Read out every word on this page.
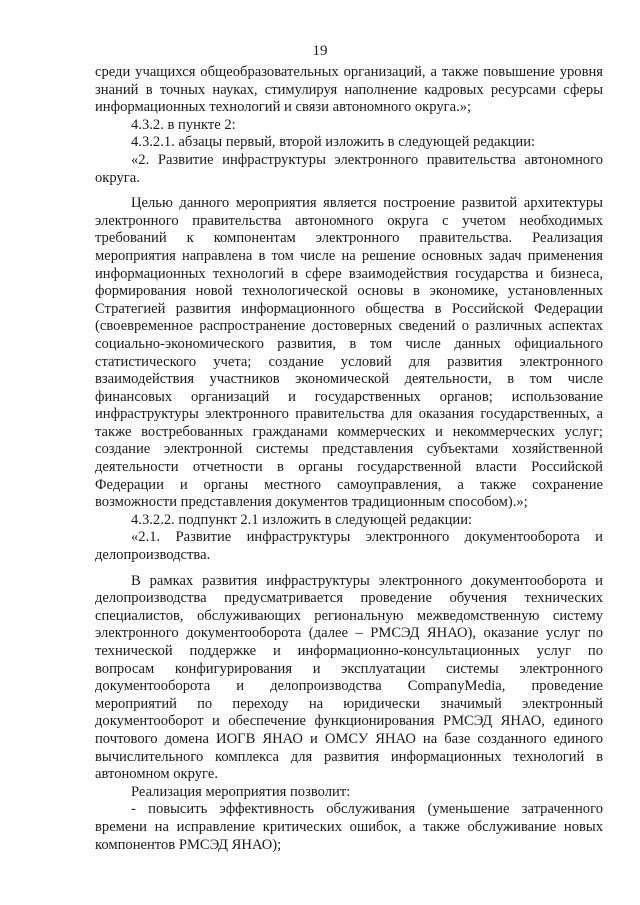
19
среди учащихся общеобразовательных организаций, а также повышение уровня
знаний в точных науках, стимулируя наполнение кадровых ресурсами сферы
информационных технологий и связи автономного округа.»;
4.3.2. в пункте 2:
4.3.2.1. абзацы первый, второй изложить в следующей редакции:
«2. Развитие инфраструктуры электронного правительства автономного
округа.
Целью данного мероприятия является построение развитой архитектуры
электронного правительства автономного округа с учетом необходимых
требований к компонентам электронного правительства. Реализация
мероприятия направлена в том числе на решение основных задач применения
информационных технологий в сфере взаимодействия государства и бизнеса,
формирования новой технологической основы в экономике, установленных
Стратегией развития информационного общества в Российской Федерации
(своевременное распространение достоверных сведений о различных аспектах
социально-экономического развития, в том числе данных официального
статистического учета; создание условий для развития электронного
взаимодействия участников экономической деятельности, в том числе
финансовых организаций и государственных органов; использование
инфраструктуры электронного правительства для оказания государственных, а
также востребованных гражданами коммерческих и некоммерческих услуг;
создание электронной системы представления субъектами хозяйственной
деятельности отчетности в органы государственной власти Российской
Федерации и органы местного самоуправления, а также сохранение
возможности представления документов традиционным способом).»;
4.3.2.2. подпункт 2.1 изложить в следующей редакции:
«2.1. Развитие инфраструктуры электронного документооборота и
делопроизводства.
В рамках развития инфраструктуры электронного документооборота и
делопроизводства предусматривается проведение обучения технических
специалистов, обслуживающих региональную межведомственную систему
электронного документооборота (далее – РМСЭД ЯНАО), оказание услуг по
технической поддержке и информационно-консультационных услуг по
вопросам конфигурирования и эксплуатации системы электронного
документооборота и делопроизводства CompanyMedia, проведение
мероприятий по переходу на юридически значимый электронный
документооборот и обеспечение функционирования РМСЭД ЯНАО, единого
почтового домена ИОГВ ЯНАО и ОМСУ ЯНАО на базе созданного единого
вычислительного комплекса для развития информационных технологий в
автономном округе.
Реализация мероприятия позволит:
- повысить эффективность обслуживания (уменьшение затраченного
времени на исправление критических ошибок, а также обслуживание новых
компонентов РМСЭД ЯНАО);
